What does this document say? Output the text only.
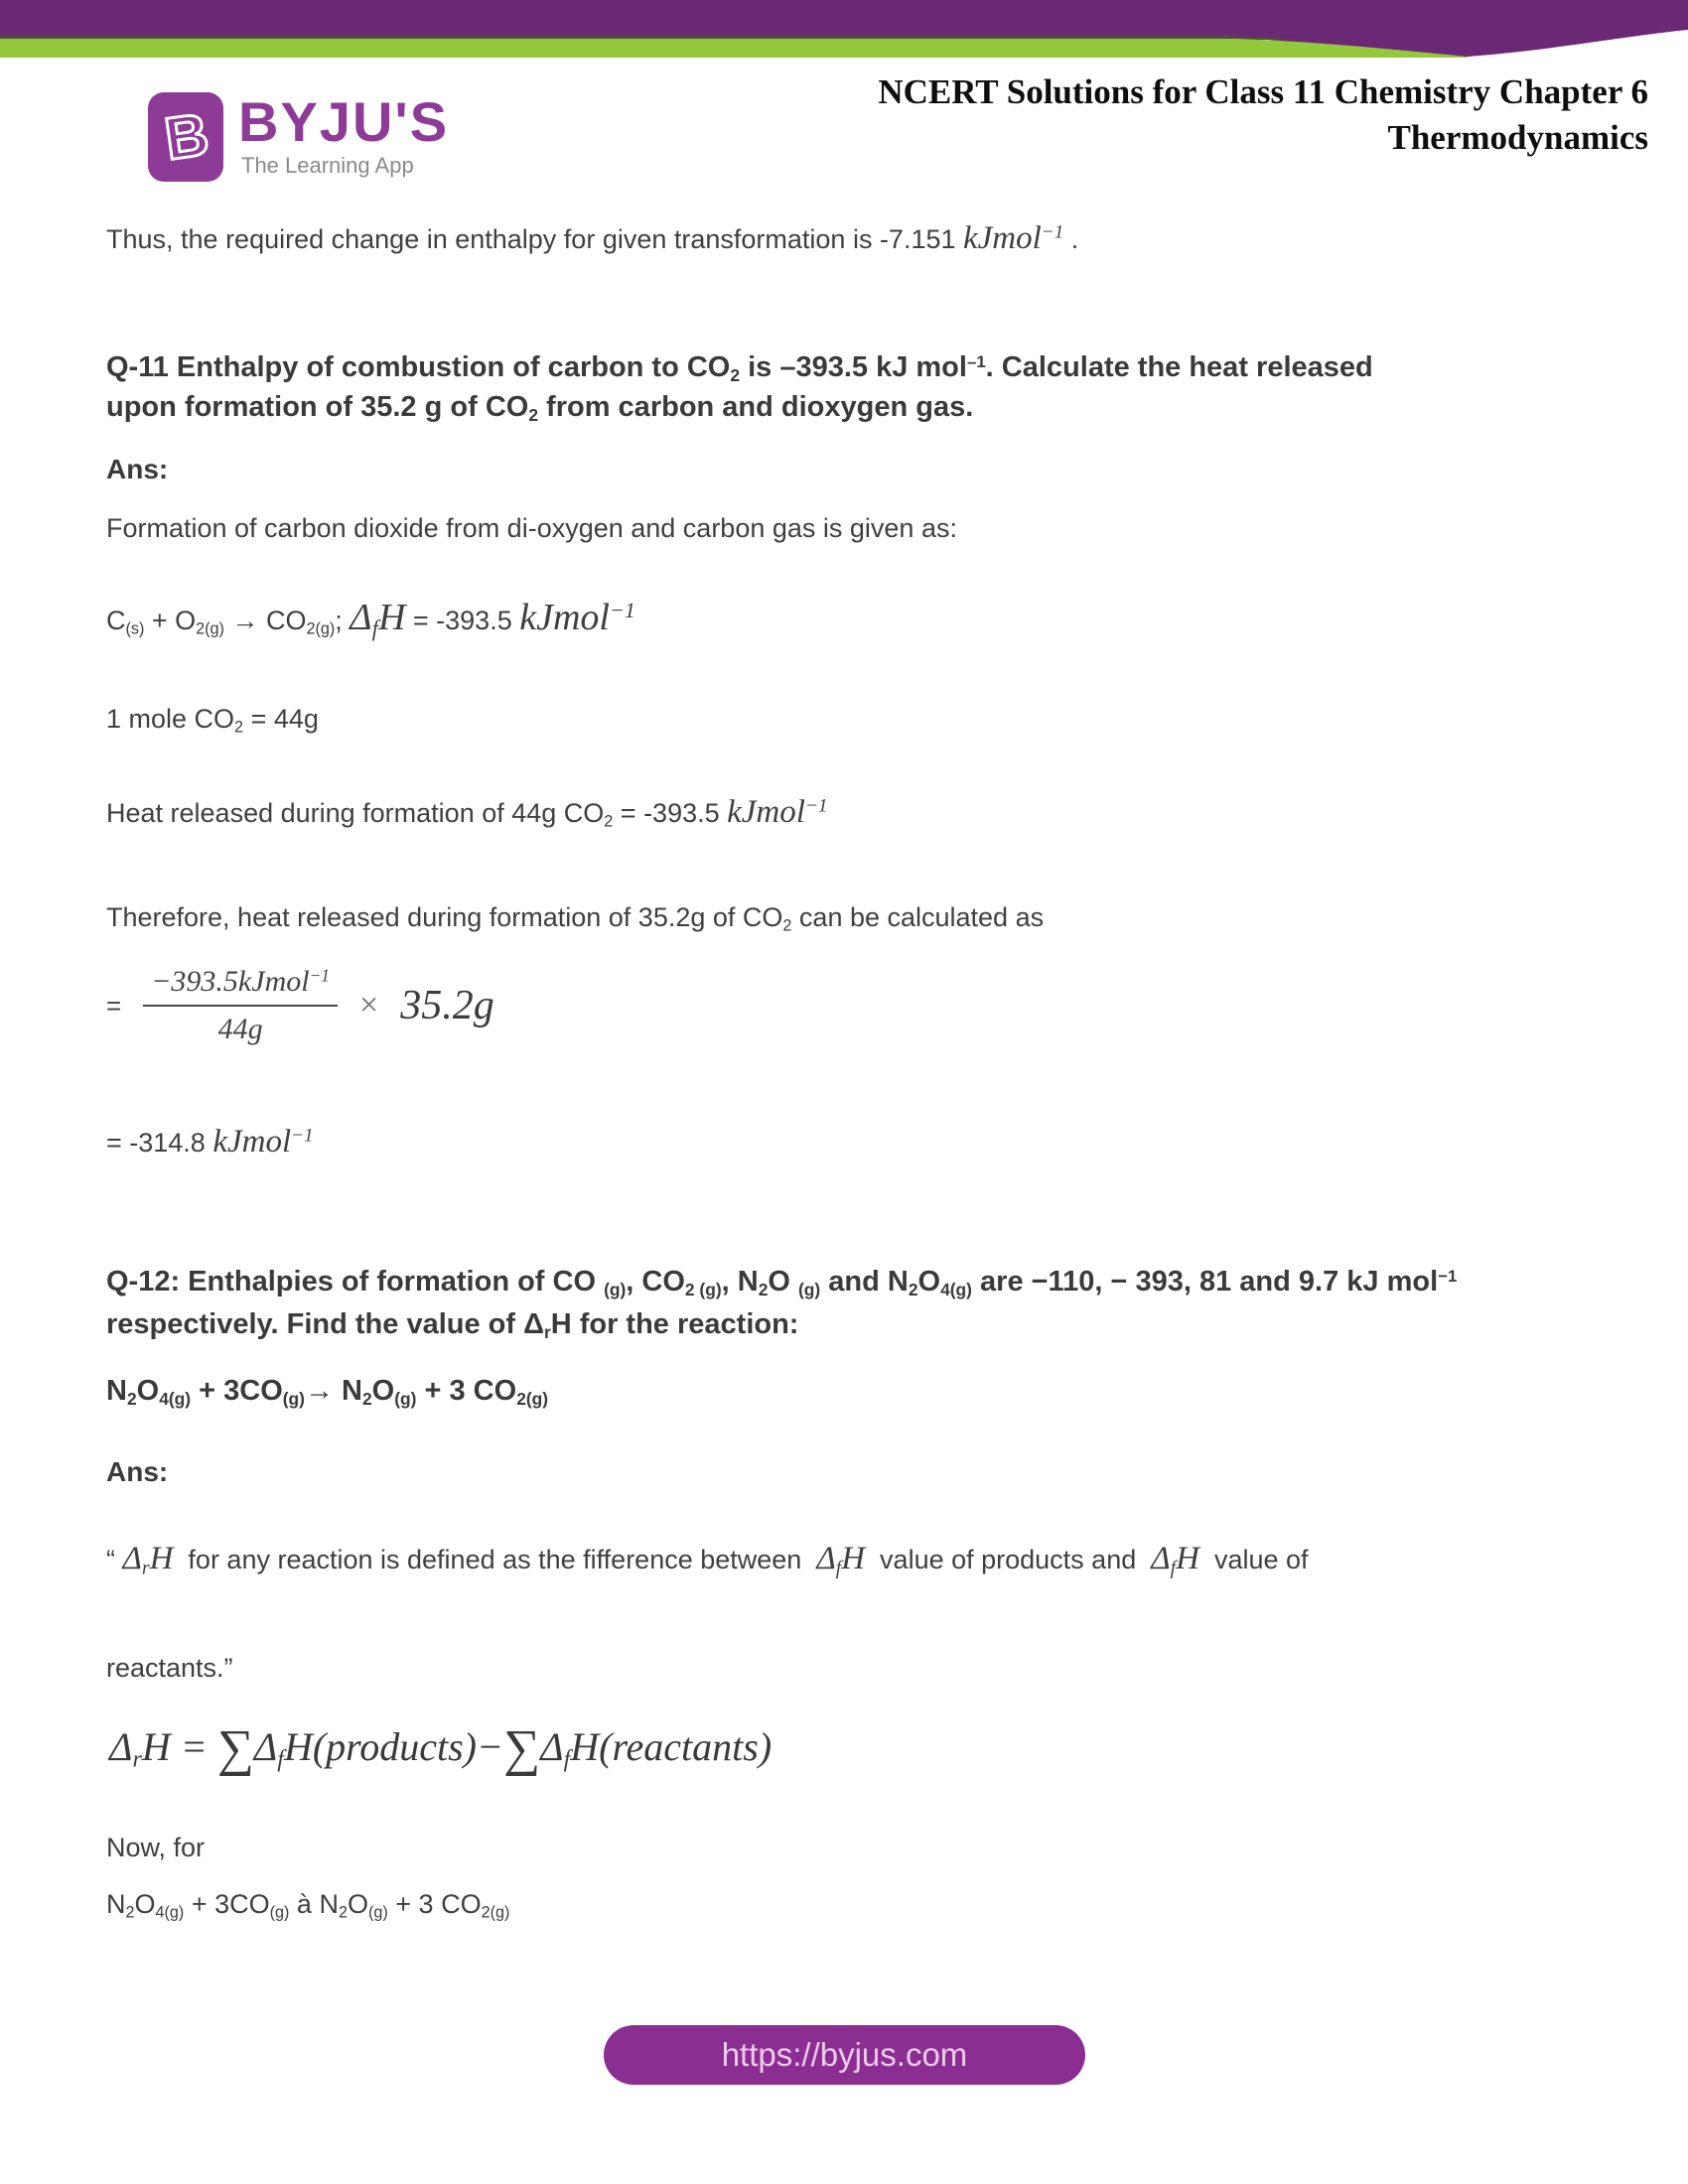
B BYJU'S
The Learning App
NCERT Solutions for Class 11 Chemistry Chapter 6
Thermodynamics
Thus, the required change in enthalpy for given transformation is -7.151 kJmol$^{-1}$ .
Q-11 Enthalpy of combustion of carbon to $CO_2$ is –393.5 kJ mol$^{-1}$. Calculate the heat released
upon formation of 35.2 g of $CO_2$ from carbon and dioxygen gas.
Ans:
Formation of carbon dioxide from di-oxygen and carbon gas is given as:
$C_{(s)} + O_{2(g)} \to CO_{2(g)}$; $\Delta_fH = -393.5$ kJmol$^{-1}$
1 mole $CO_2 = 44g$
Heat released during formation of 44g $CO_2 = -393.5$ kJmol$^{-1}$
Therefore, heat released during formation of 35.2g of $CO_2$ can be calculated as
= $\frac{-393.5kJmol^{-1}}{44g} \times 35.2g$
= -314.8 kJmol$^{-1}$
Q-12: Enthalpies of formation of CO $_{(g)}$, $CO_{2 (g)}$, $N_2O$ $_{(g)}$ and $N_2O_{4(g)}$ are −110, − 393, 81 and 9.7 kJ mol$^{-1}$
respectively. Find the value of $\Delta_rH$ for the reaction:
$N_2O_{4(g)} + 3CO_{(g)}\to N_2O_{(g)} + 3$ $CO_{2(g)}$
Ans:
“ $\Delta_rH$  for any reaction is defined as the fifference between  $\Delta_fH$  value of products and  $\Delta_fH$  value of
reactants.”
$\Delta_rH$ = $\sum\Delta_fH(products)-\sum\Delta_fH(reactants)$
Now, for
$N_2O_{4(g)} + 3CO_{(g)}$ à $N_2O_{(g)} + 3$ $CO_{2(g)}$
https://byjus.com
